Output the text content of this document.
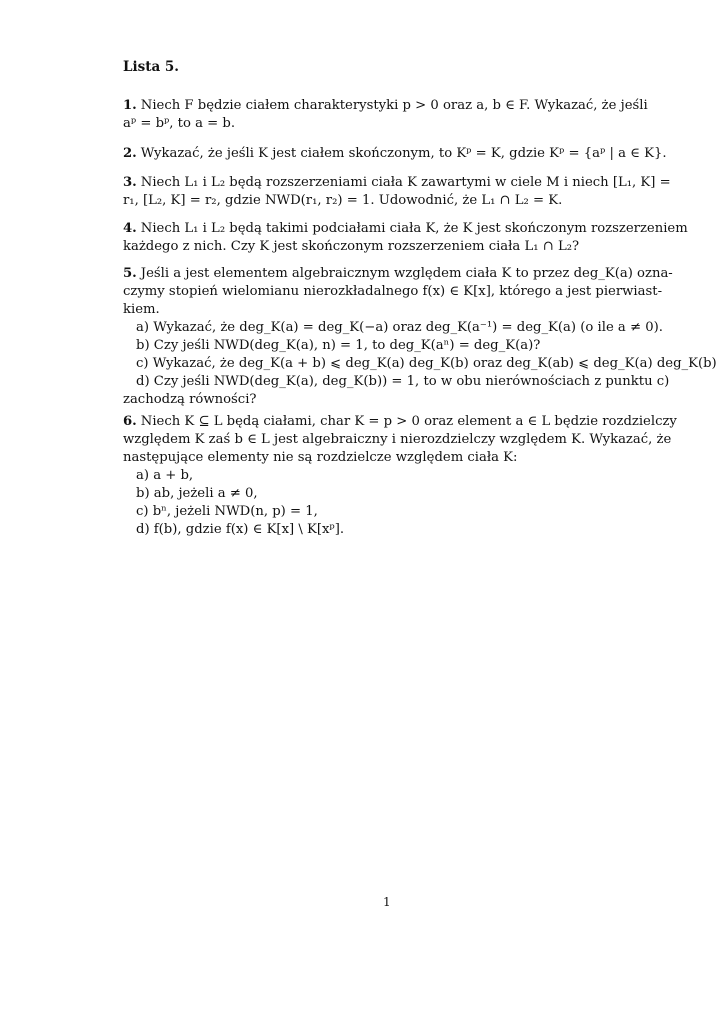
Lista 5.
1. Niech F będzie ciałem charakterystyki p > 0 oraz a, b ∈ F. Wykazać, że jeśli
aᵖ = bᵖ, to a = b.
2. Wykazać, że jeśli K jest ciałem skończonym, to Kᵖ = K, gdzie Kᵖ = {aᵖ | a ∈ K}.
3. Niech L₁ i L₂ będą rozszerzeniami ciała K zawartymi w ciele M i niech [L₁, K] =
r₁, [L₂, K] = r₂, gdzie NWD(r₁, r₂) = 1. Udowodnić, że L₁ ∩ L₂ = K.
4. Niech L₁ i L₂ będą takimi podciałami ciała K, że K jest skończonym rozszerzeniem
każdego z nich. Czy K jest skończonym rozszerzeniem ciała L₁ ∩ L₂?
5. Jeśli a jest elementem algebraicznym względem ciała K to przez deg_K(a) ozna-
czymy stopień wielomianu nierozkładalnego f(x) ∈ K[x], którego a jest pierwiast-
kiem.
a) Wykazać, że deg_K(a) = deg_K(−a) oraz deg_K(a⁻¹) = deg_K(a) (o ile a ≠ 0).
b) Czy jeśli NWD(deg_K(a), n) = 1, to deg_K(aⁿ) = deg_K(a)?
c) Wykazać, że deg_K(a + b) ⩽ deg_K(a) deg_K(b) oraz deg_K(ab) ⩽ deg_K(a) deg_K(b)
d) Czy jeśli NWD(deg_K(a), deg_K(b)) = 1, to w obu nierównościach z punktu c)
zachodzą równości?
6. Niech K ⊆ L będą ciałami, char K = p > 0 oraz element a ∈ L będzie rozdzielczy
względem K zaś b ∈ L jest algebraiczny i nierozdzielczy względem K. Wykazać, że
następujące elementy nie są rozdzielcze względem ciała K:
a) a + b,
b) ab, jeżeli a ≠ 0,
c) bⁿ, jeżeli NWD(n, p) = 1,
d) f(b), gdzie f(x) ∈ K[x] \ K[xᵖ].
1
